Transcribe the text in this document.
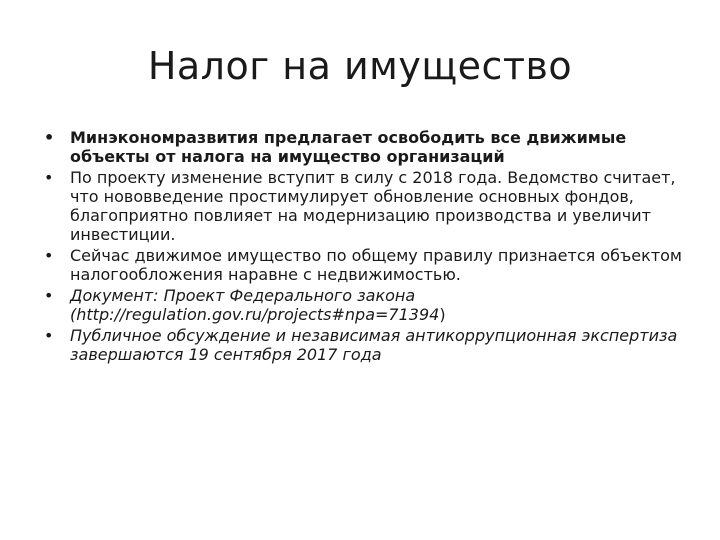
Налог на имущество
• Минэкономразвития предлагает освободить все движимые объекты от налога на имущество организаций
• По проекту изменение вступит в силу с 2018 года. Ведомство считает, что нововведение простимулирует обновление основных фондов, благоприятно повлияет на модернизацию производства и увеличит инвестиции.
• Сейчас движимое имущество по общему правилу признается объектом налогообложения наравне с недвижимостью.
• Документ: Проект Федерального закона (http://regulation.gov.ru/projects#npa=71394)
• Публичное обсуждение и независимая антикоррупционная экспертиза завершаются 19 сентября 2017 года
